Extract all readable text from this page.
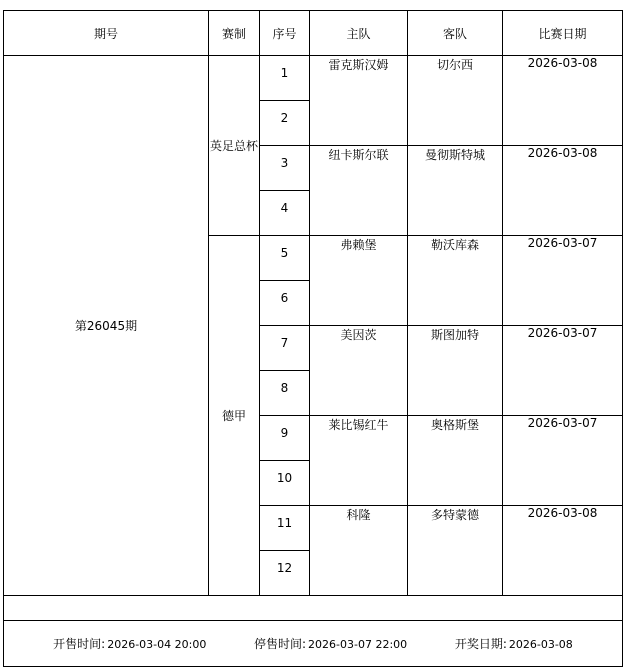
期号	赛制	序号	主队	客队	比赛日期
第26045期	英足总杯	1	雷克斯汉姆	切尔西	2026-03-08
		2			
		3	纽卡斯尔联	曼彻斯特城	2026-03-08
		4			
	德甲	5	弗赖堡	勒沃库森	2026-03-07
		6			
		7	美因茨	斯图加特	2026-03-07
		8			
		9	莱比锡红牛	奥格斯堡	2026-03-07
		10			
		11	科隆	多特蒙德	2026-03-08
		12			

开售时间: 2026-03-04 20:00 停售时间: 2026-03-07 22:00 开奖日期: 2026-03-08					
